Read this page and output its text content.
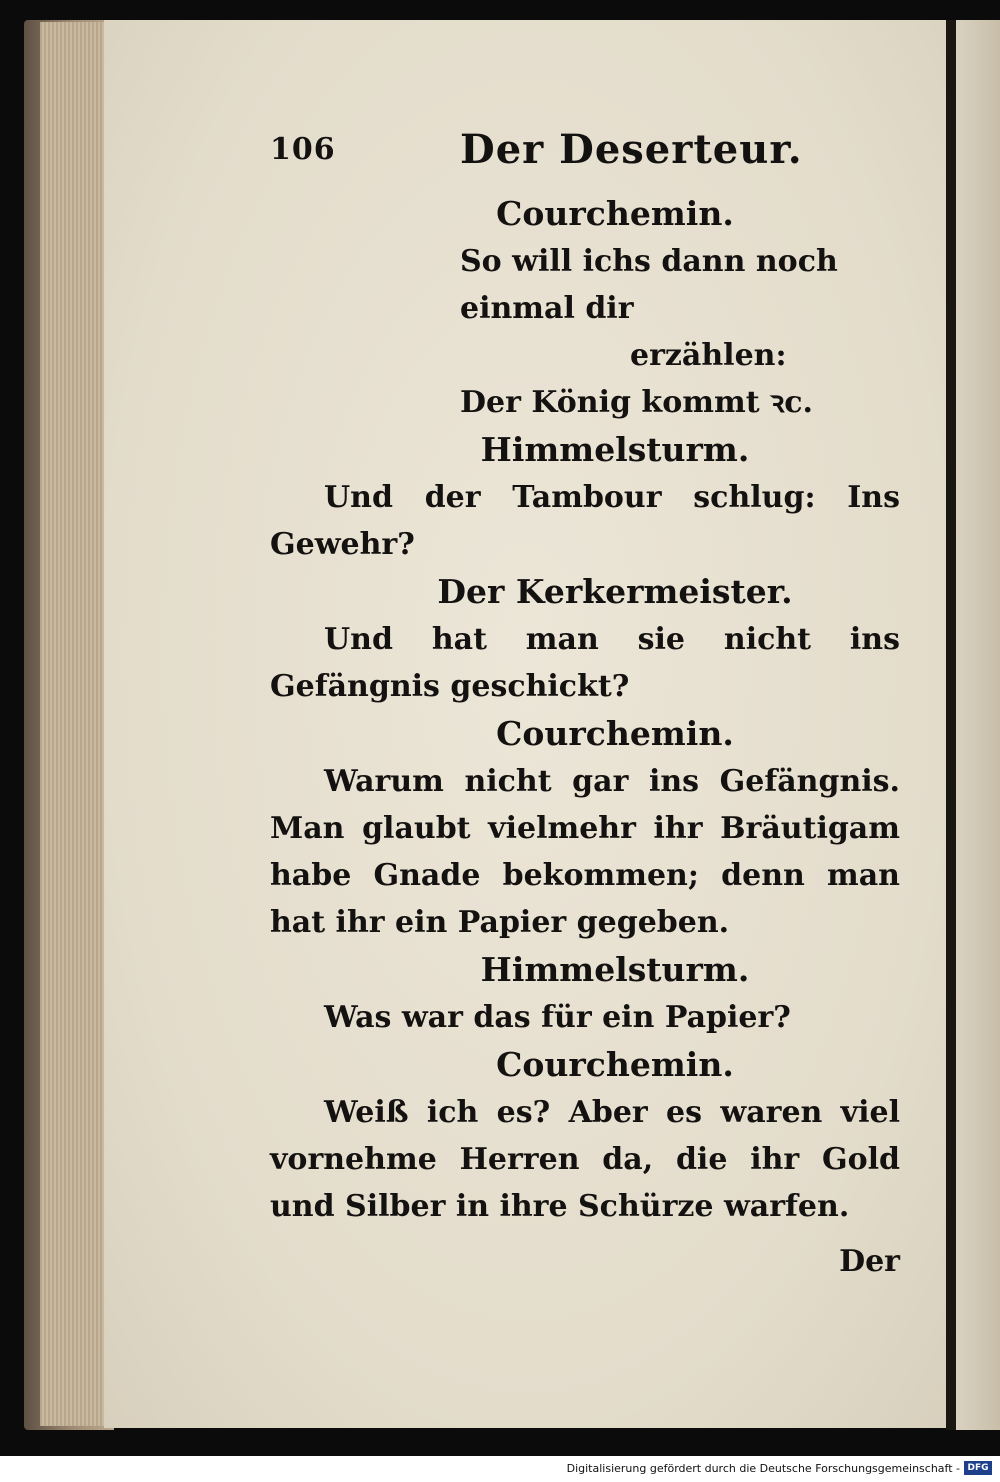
106	Der Deserteur.
Courchemin.
So will ichs dann noch einmal dir
erzählen:
Der König kommt ꝛc.
Himmelsturm.
Und der Tambour schlug: Ins Gewehr?
Der Kerkermeister.
Und hat man sie nicht ins Gefängnis geschickt?
Courchemin.
Warum nicht gar ins Gefängnis. Man glaubt vielmehr ihr Bräutigam habe Gnade bekommen; denn man hat ihr ein Papier gegeben.
Himmelsturm.
Was war das für ein Papier?
Courchemin.
Weiß ich es? Aber es waren viel vornehme Herren da, die ihr Gold und Silber in ihre Schürze warfen.
Der
Digitalisierung gefördert durch die Deutsche Forschungsgemeinschaft - DFG
